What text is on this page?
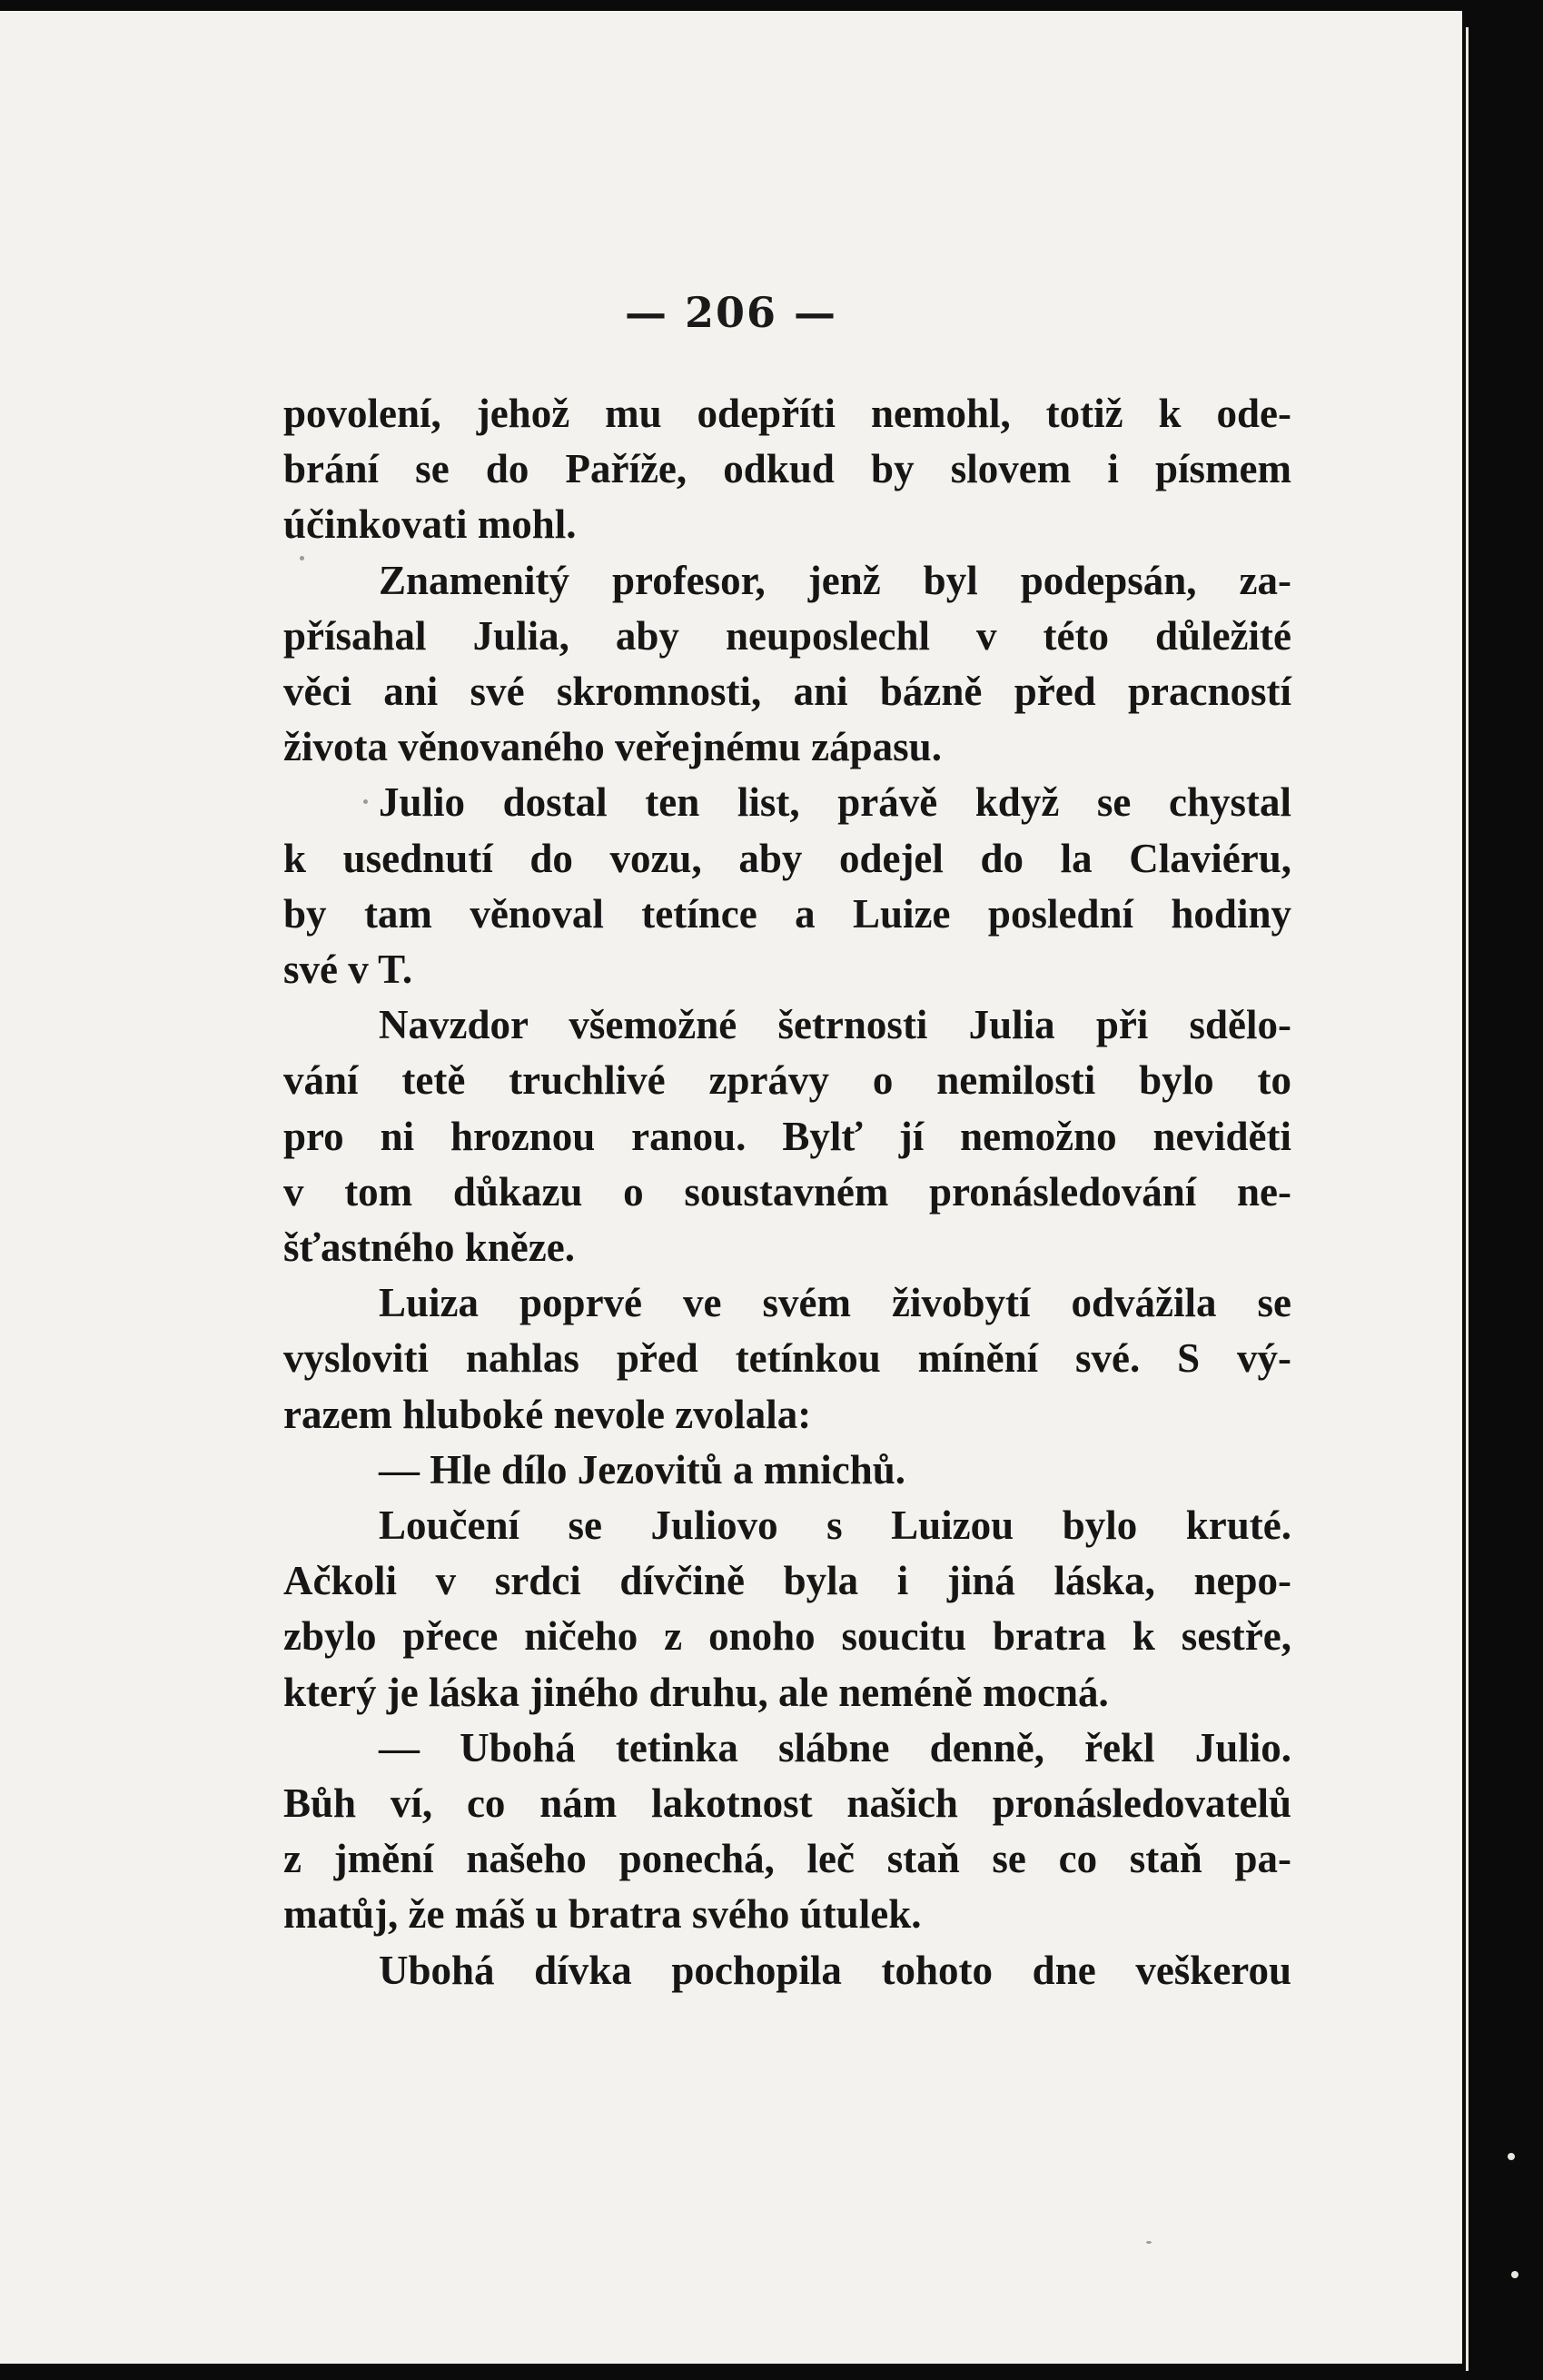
— 206 —
povolení, jehož mu odepříti nemohl, totiž k ode-
brání se do Paříže, odkud by slovem i písmem
účinkovati mohl.
Znamenitý profesor, jenž byl podepsán, za-
přísahal Julia, aby neuposlechl v této důležité
věci ani své skromnosti, ani bázně před pracností
života věnovaného veřejnému zápasu.
Julio dostal ten list, právě když se chystal
k usednutí do vozu, aby odejel do la Claviéru,
by tam věnoval tetínce a Luize poslední hodiny
své v T.
Navzdor všemožné šetrnosti Julia při sdělo-
vání tetě truchlivé zprávy o nemilosti bylo to
pro ni hroznou ranou. Bylť jí nemožno neviděti
v tom důkazu o soustavném pronásledování ne-
šťastného kněze.
Luiza poprvé ve svém živobytí odvážila se
vysloviti nahlas před tetínkou mínění své. S vý-
razem hluboké nevole zvolala:
— Hle dílo Jezovitů a mnichů.
Loučení se Juliovo s Luizou bylo kruté.
Ačkoli v srdci dívčině byla i jiná láska, nepo-
zbylo přece ničeho z onoho soucitu bratra k sestře,
který je láska jiného druhu, ale neméně mocná.
— Ubohá tetinka slábne denně, řekl Julio.
Bůh ví, co nám lakotnost našich pronásledovatelů
z jmění našeho ponechá, leč staň se co staň pa-
matůj, že máš u bratra svého útulek.
Ubohá dívka pochopila tohoto dne veškerou
